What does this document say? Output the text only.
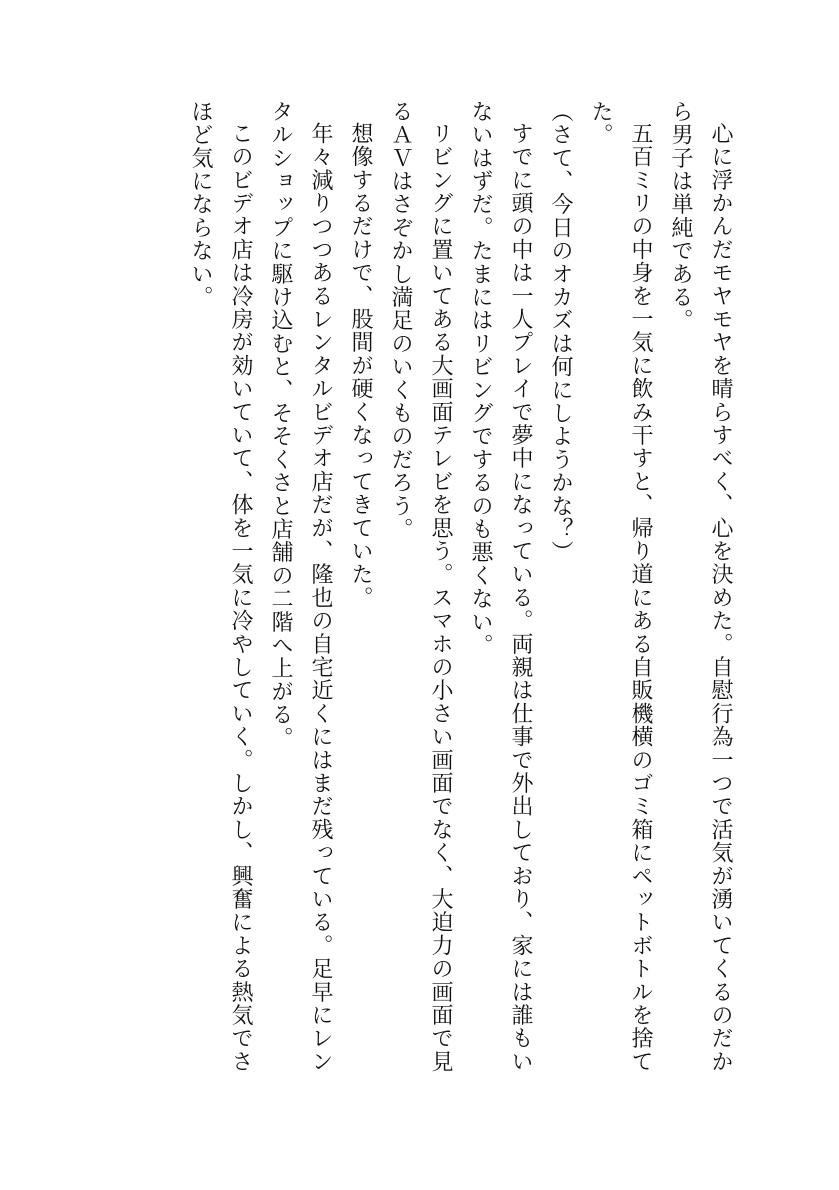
心に浮かんだモヤモヤを晴らすべく、心を決めた。自慰行為一つで活気が湧いてくるのだから男子は単純である。

五百ミリの中身を一気に飲み干すと、帰り道にある自販機横のゴミ箱にペットボトルを捨てた。

（さて、今日のオカズは何にしようかな？）

すでに頭の中は一人プレイで夢中になっている。両親は仕事で外出しており、家には誰もいないはずだ。たまにはリビングでするのも悪くない。

リビングに置いてある大画面テレビを思う。スマホの小さい画面でなく、大迫力の画面で見るＡＶはさぞかし満足のいくものだろう。

想像するだけで、股間が硬くなってきていた。

年々減りつつあるレンタルビデオ店だが、隆也の自宅近くにはまだ残っている。足早にレンタルショップに駆け込むと、そそくさと店舗の二階へ上がる。

このビデオ店は冷房が効いていて、体を一気に冷やしていく。しかし、興奮による熱気でさほど気にならない。
